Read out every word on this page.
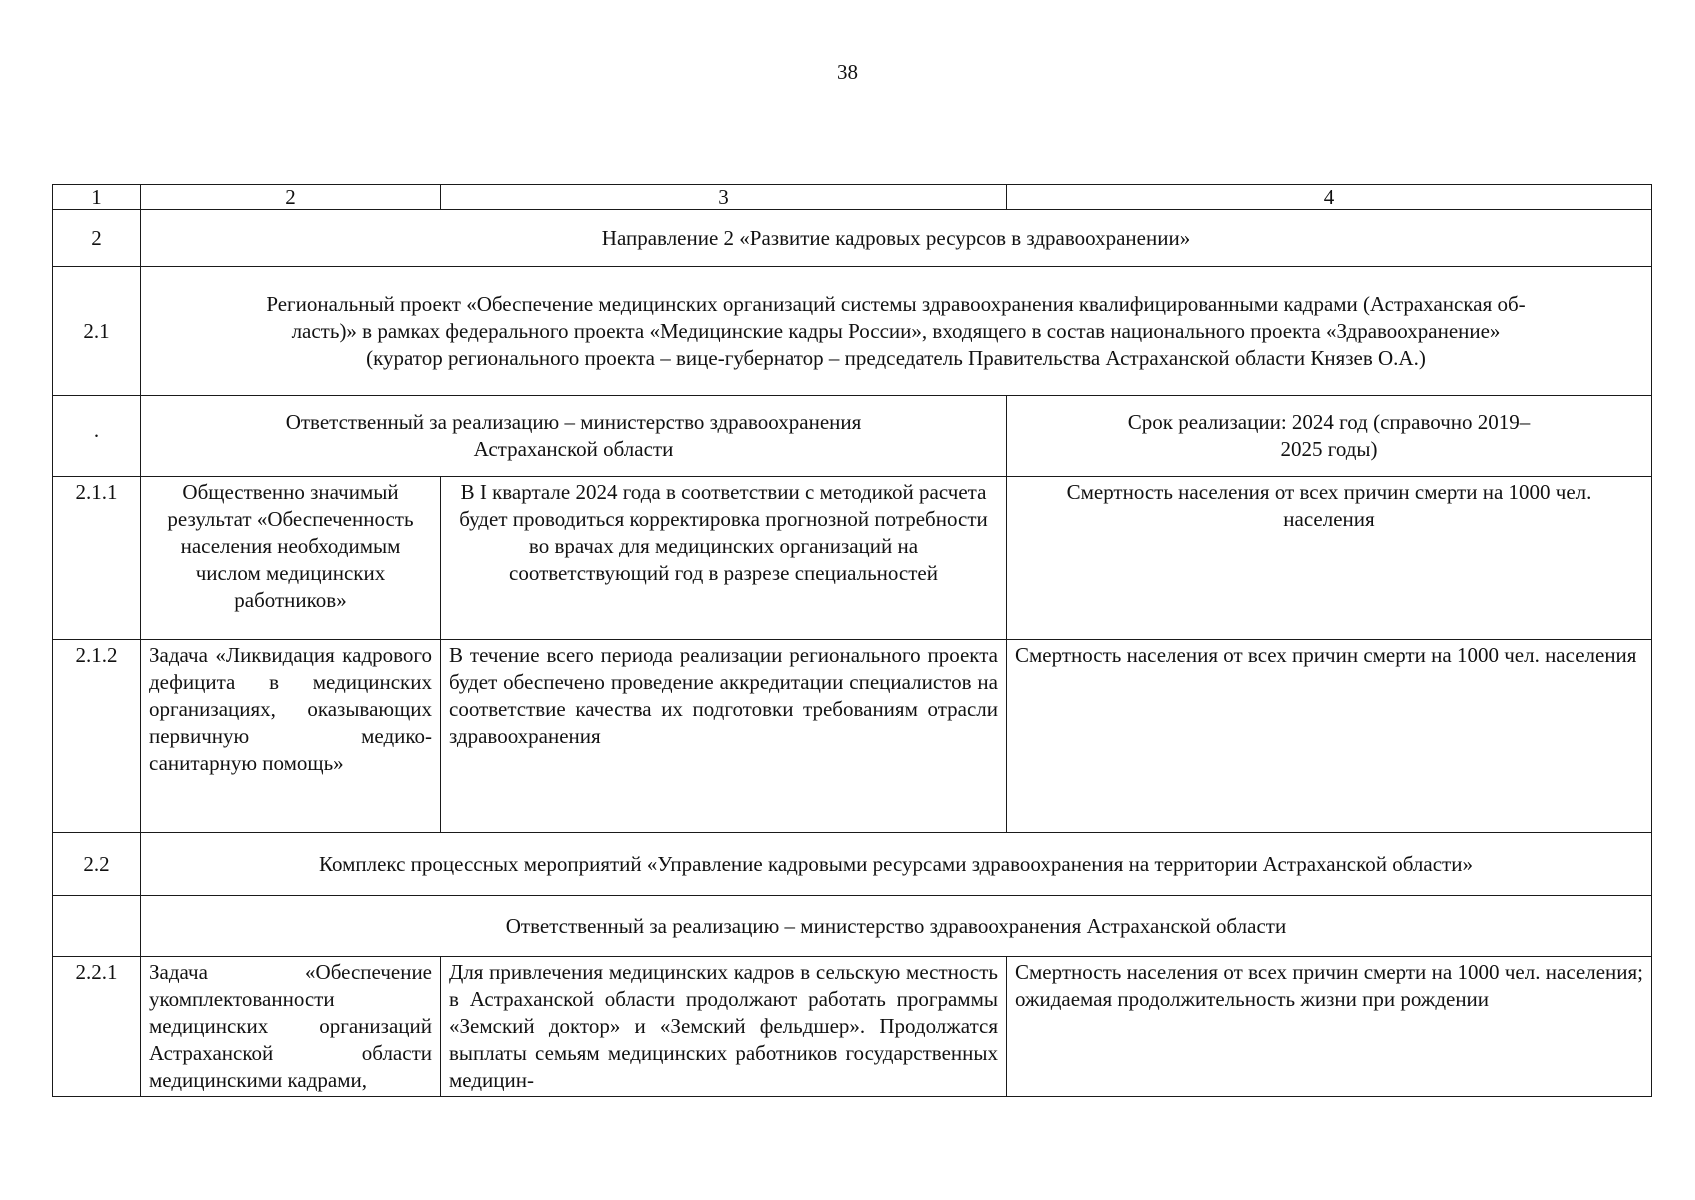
38
1	2	3	4
2	Направление 2 «Развитие кадровых ресурсов в здравоохранении»		
2.1	Региональный проект «Обеспечение медицинских организаций системы здравоохранения квалифицированными кадрами (Астраханская об-
ласть)» в рамках федерального проекта «Медицинские кадры России», входящего в состав национального проекта «Здравоохранение»
(куратор регионального проекта – вице-губернатор – председатель Правительства Астраханской области Князев О.А.)		

·	Ответственный за реализацию – министерство здравоохранения Астраханской области		Срок реализации: 2024 год (справочно 2019–2025 годы)
2.1.1	Общественно значимый результат «Обеспеченность населения необходимым числом медицинских работников»	В I квартале 2024 года в соответствии с методикой расчета будет проводиться корректировка прогнозной потребности во врачах для медицинских организаций на соответствующий год в разрезе специальностей	Смертность населения от всех причин смерти на 1000 чел. населения
2.1.2	Задача «Ликвидация кадрового дефицита в медицинских организациях, оказывающих первичную медико-санитарную помощь»	В течение всего периода реализации регионального проекта будет обеспечено проведение аккредитации специалистов на соответствие качества их подготовки требованиям отрасли здравоохранения	Смертность населения от всех причин смерти на 1000 чел. населения
2.2	Комплекс процессных мероприятий «Управление кадровыми ресурсами здравоохранения на территории Астраханской области»		
	Ответственный за реализацию – министерство здравоохранения Астраханской области		
2.2.1	Задача «Обеспечение укомплектованности медицинских организаций Астраханской области медицинскими кадрами,	Для привлечения медицинских кадров в сельскую местность в Астраханской области продолжают работать программы «Земский доктор» и «Земский фельдшер». Продолжатся выплаты семьям медицинских работников государственных медицин-	Смертность населения от всех причин смерти на 1000 чел. населения; ожидаемая продолжительность жизни при рождении
